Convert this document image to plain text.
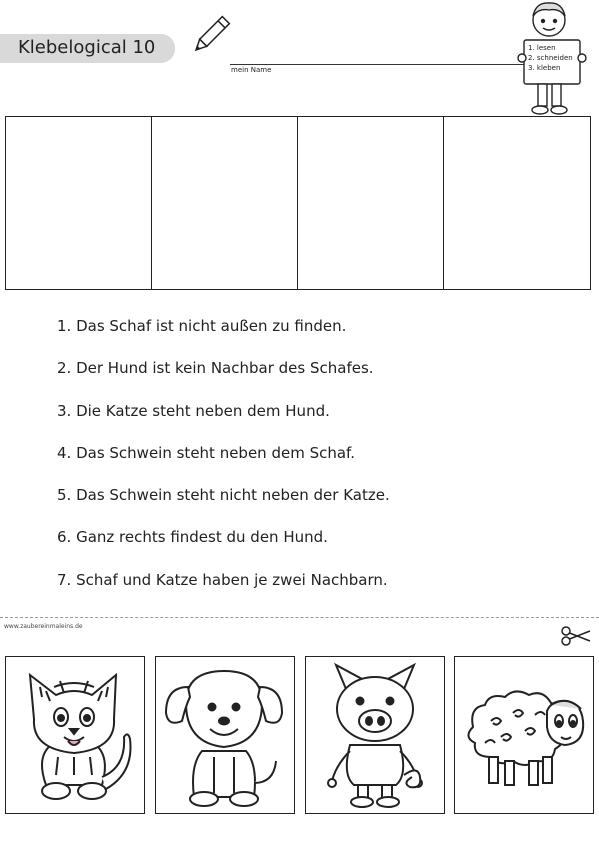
Klebelogical 10
mein Name
1. lesen
2. schneiden
3. kleben
1. Das Schaf ist nicht außen zu finden.
2. Der Hund ist kein Nachbar des Schafes.
3. Die Katze steht neben dem Hund.
4. Das Schwein steht neben dem Schaf.
5. Das Schwein steht nicht neben der Katze.
6. Ganz rechts findest du den Hund.
7. Schaf und Katze haben je zwei Nachbarn.
www.zaubereinmaleins.de
